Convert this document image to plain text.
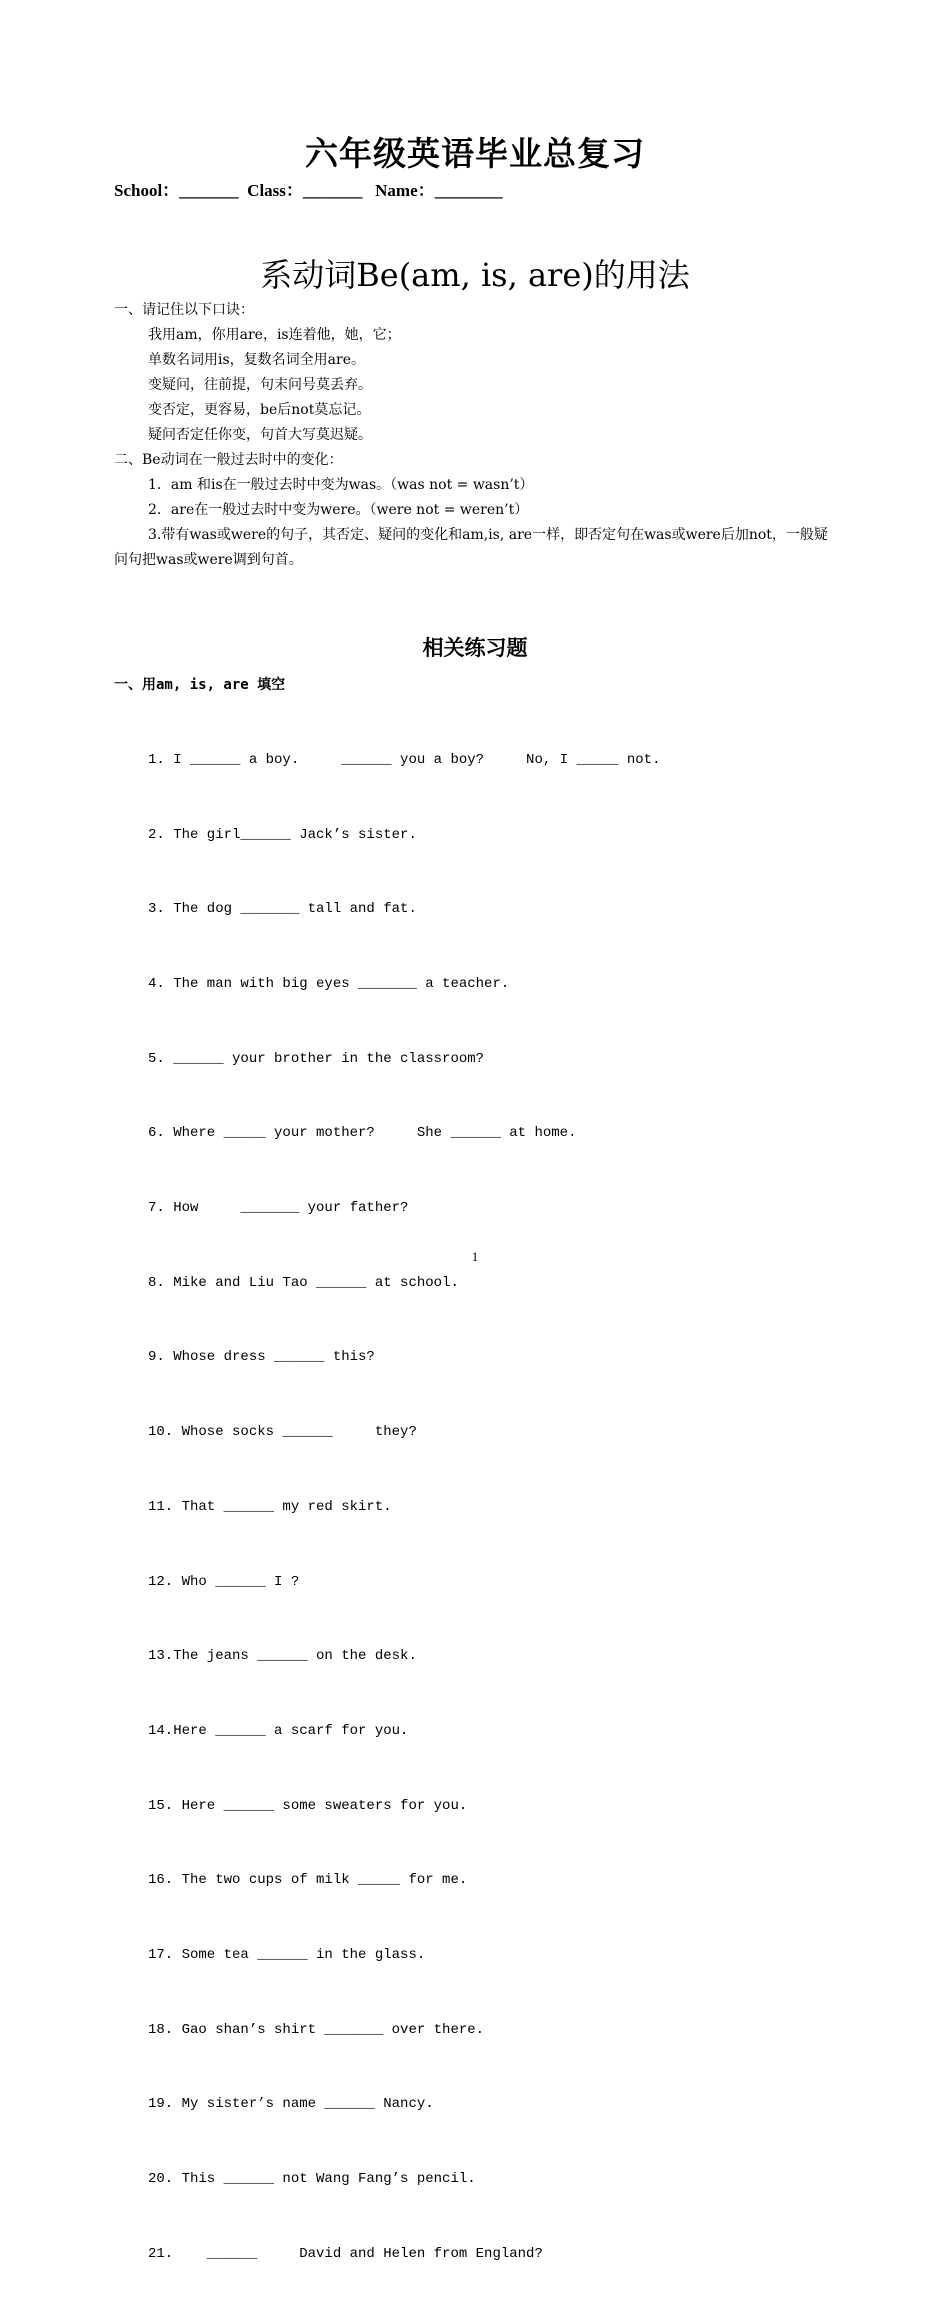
六年级英语毕业总复习
School：_______  Class：_______   Name：________
系动词Be(am, is, are)的用法
一、请记住以下口诀：
我用am，你用are，is连着他，她，它；
单数名词用is，复数名词全用are。
变疑问，往前提，句末问号莫丢弃。
变否定，更容易，be后not莫忘记。
疑问否定任你变，句首大写莫迟疑。
二、Be动词在一般过去时中的变化：
1．am 和is在一般过去时中变为was。（was not = wasn’t）
2．are在一般过去时中变为were。（were not = weren’t）
3.带有was或were的句子，其否定、疑问的变化和am,is, are一样，即否定句在was或were后加not，一般疑问句把was或were调到句首。
相关练习题
一、用am, is, are 填空

1. I ______ a boy.     ______ you a boy?     No, I _____ not.

2. The girl______ Jack’s sister.

3. The dog _______ tall and fat.

4. The man with big eyes _______ a teacher.

5. ______ your brother in the classroom?

6. Where _____ your mother?     She ______ at home.

7. How     _______ your father?

8. Mike and Liu Tao ______ at school.

9. Whose dress ______ this?

10. Whose socks ______     they?

11. That ______ my red skirt.

12. Who ______ I ?

13.The jeans ______ on the desk.

14.Here ______ a scarf for you.

15. Here ______ some sweaters for you.

16. The two cups of milk _____ for me.

17. Some tea ______ in the glass.

18. Gao shan’s shirt _______ over there.

19. My sister’s name ______ Nancy.

20. This ______ not Wang Fang’s pencil.

21.    ______     David and Helen from England?

1
